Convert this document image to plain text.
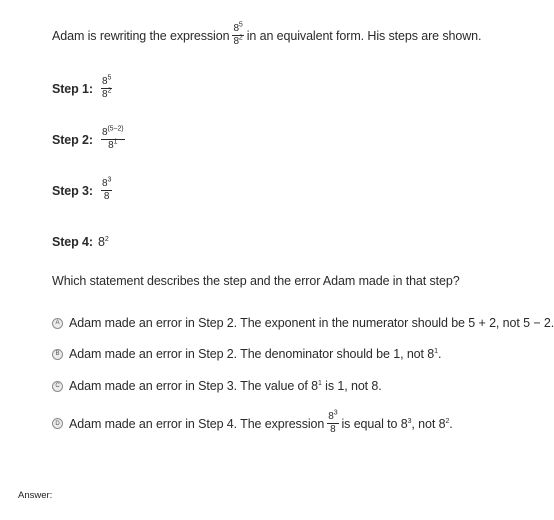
Adam is rewriting the expression $\frac{8^5}{8^2}$ in an equivalent form. His steps are shown.
Step 1: $\frac{8^5}{8^2}$
Step 2: $\frac{8^{(5-2)}}{8^1}$
Step 3: $\frac{8^3}{8}$
Step 4: $8^2$
Which statement describes the step and the error Adam made in that step?
A Adam made an error in Step 2. The exponent in the numerator should be 5 + 2, not 5 − 2.
B Adam made an error in Step 2. The denominator should be 1, not $8^1$.
C Adam made an error in Step 3. The value of $8^1$ is 1, not 8.
D Adam made an error in Step 4. The expression $\frac{8^3}{8}$ is equal to $8^3$, not $8^2$.
Answer:
